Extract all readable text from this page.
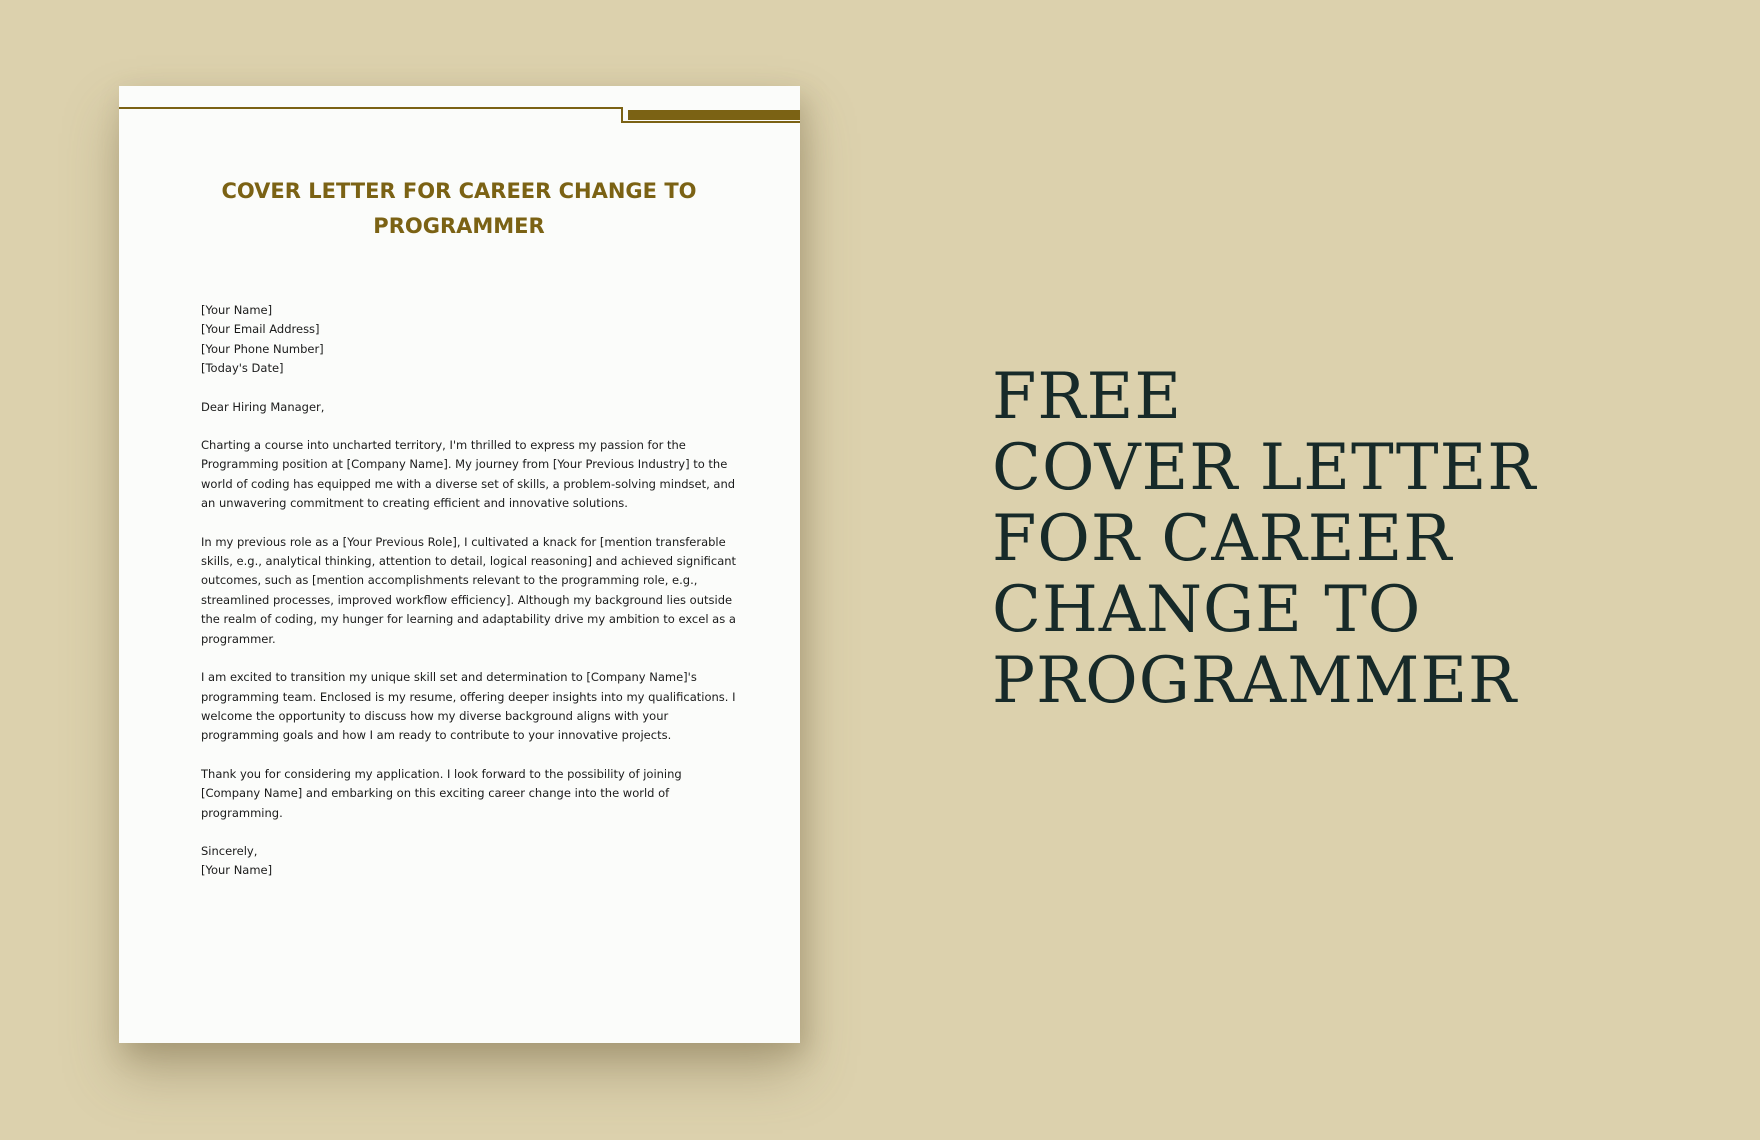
COVER LETTER FOR CAREER CHANGE TO
PROGRAMMER
[Your Name]
[Your Email Address]
[Your Phone Number]
[Today's Date]
Dear Hiring Manager,
Charting a course into uncharted territory, I'm thrilled to express my passion for the
Programming position at [Company Name]. My journey from [Your Previous Industry] to the
world of coding has equipped me with a diverse set of skills, a problem-solving mindset, and
an unwavering commitment to creating efficient and innovative solutions.
In my previous role as a [Your Previous Role], I cultivated a knack for [mention transferable
skills, e.g., analytical thinking, attention to detail, logical reasoning] and achieved significant
outcomes, such as [mention accomplishments relevant to the programming role, e.g.,
streamlined processes, improved workflow efficiency]. Although my background lies outside
the realm of coding, my hunger for learning and adaptability drive my ambition to excel as a
programmer.
I am excited to transition my unique skill set and determination to [Company Name]'s
programming team. Enclosed is my resume, offering deeper insights into my qualifications. I
welcome the opportunity to discuss how my diverse background aligns with your
programming goals and how I am ready to contribute to your innovative projects.
Thank you for considering my application. I look forward to the possibility of joining
[Company Name] and embarking on this exciting career change into the world of
programming.
Sincerely,
[Your Name]
FREE
COVER LETTER
FOR CAREER
CHANGE TO
PROGRAMMER
